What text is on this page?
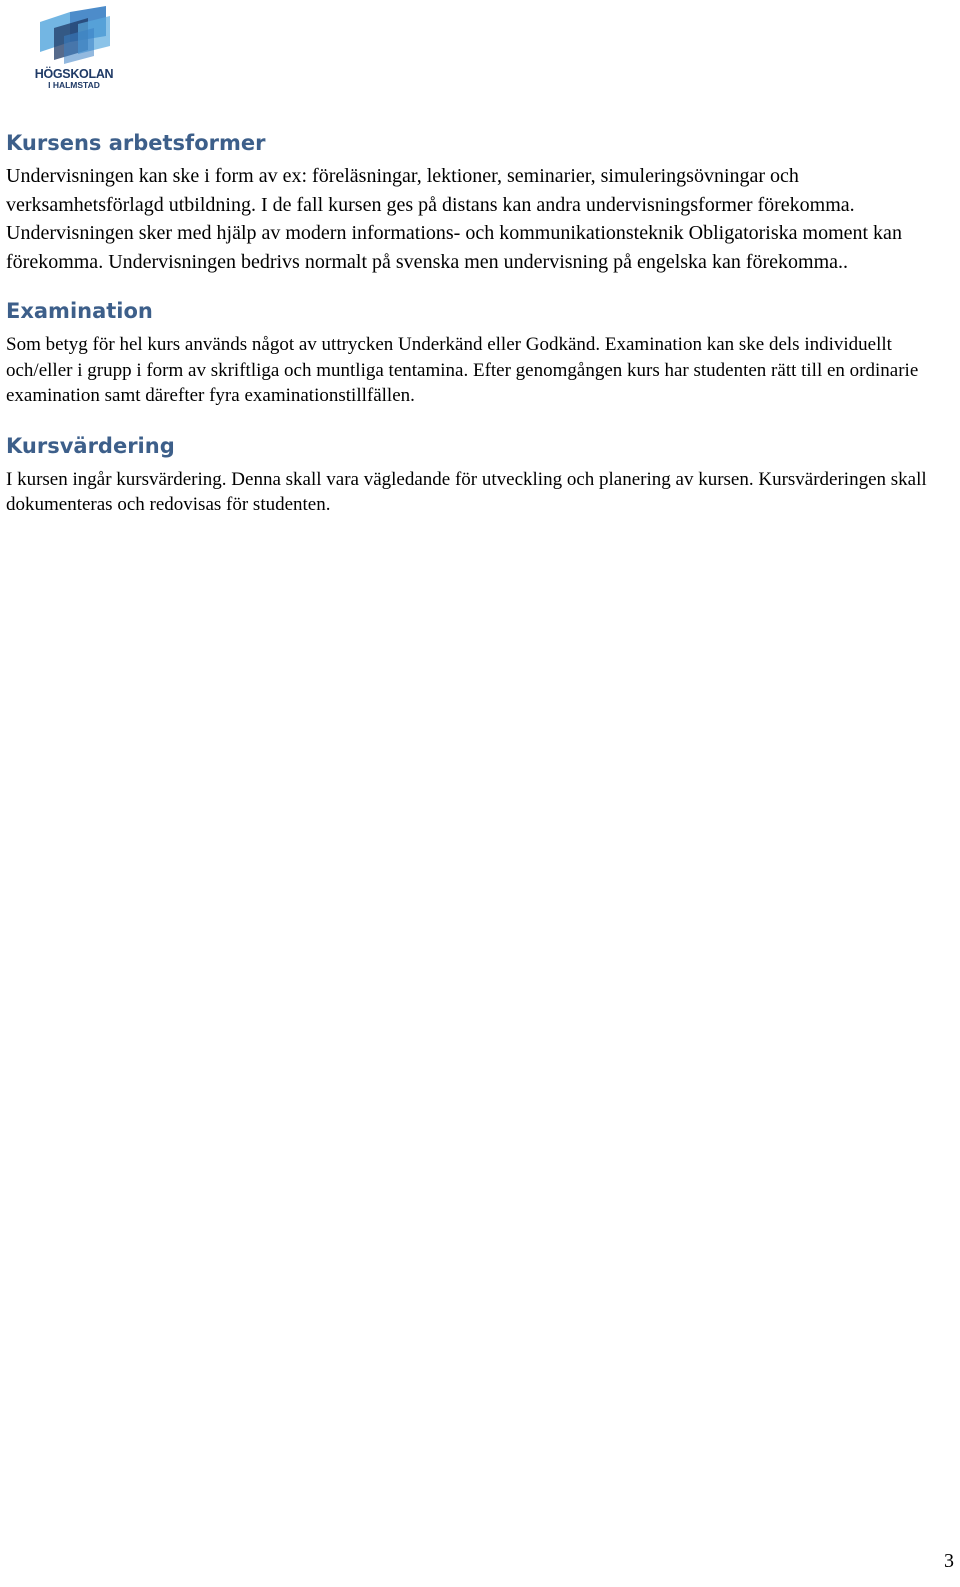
HÖGSKOLAN
I HALMSTAD
Kursens arbetsformer

Undervisningen kan ske i form av ex: föreläsningar, lektioner, seminarier, simuleringsövningar och verksamhetsförlagd utbildning. I de fall kursen ges på distans kan andra undervisningsformer förekomma. Undervisningen sker med hjälp av modern informations- och kommunikationsteknik Obligatoriska moment kan förekomma. Undervisningen bedrivs normalt på svenska men undervisning på engelska kan förekomma..

Examination

Som betyg för hel kurs används något av uttrycken Underkänd eller Godkänd. Examination kan ske dels individuellt och/eller i grupp i form av skriftliga och muntliga tentamina. Efter genomgången kurs har studenten rätt till en ordinarie examination samt därefter fyra examinationstillfällen.

Kursvärdering

I kursen ingår kursvärdering. Denna skall vara vägledande för utveckling och planering av kursen. Kursvärderingen skall dokumenteras och redovisas för studenten.

3
